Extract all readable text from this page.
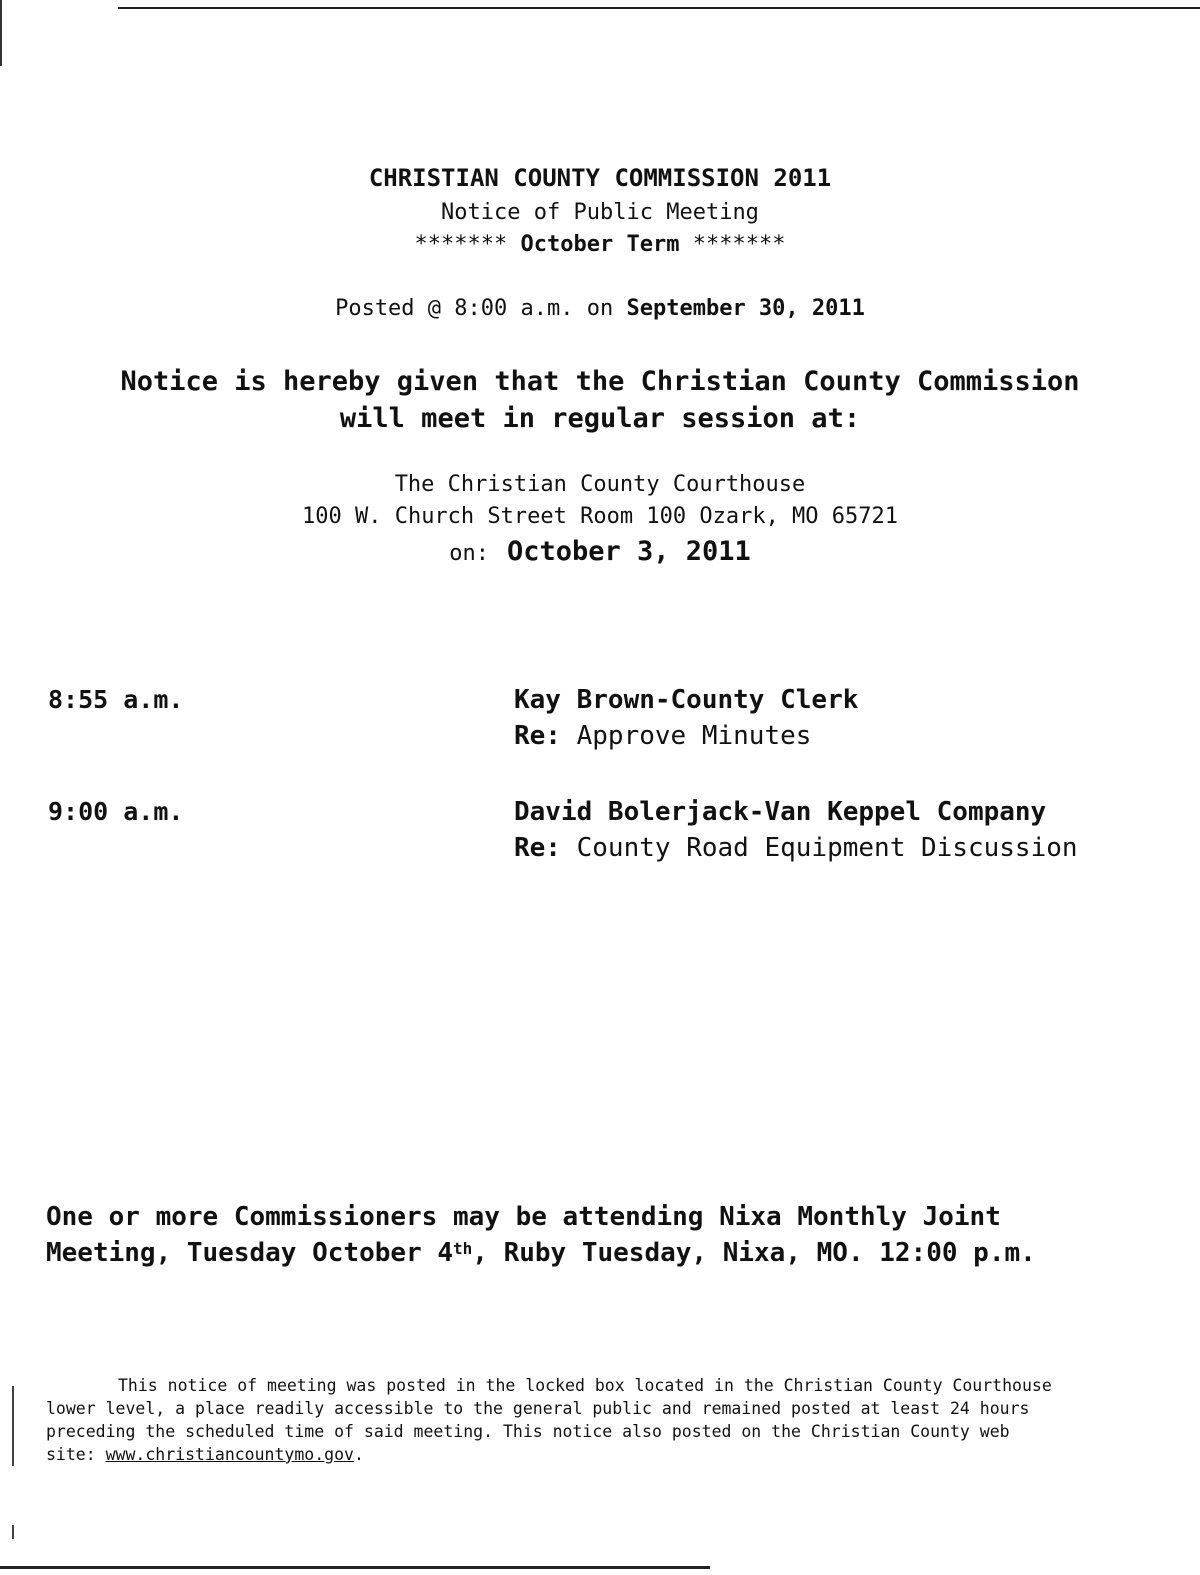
CHRISTIAN COUNTY COMMISSION 2011
Notice of Public Meeting
******* October Term *******
Posted @ 8:00 a.m. on September 30, 2011
Notice is hereby given that the Christian County Commission
will meet in regular session at:
The Christian County Courthouse
100 W. Church Street Room 100 Ozark, MO 65721
on: October 3, 2011
8:55 a.m.	Kay Brown-County Clerk
Re: Approve Minutes
9:00 a.m.	David Bolerjack-Van Keppel Company
Re: County Road Equipment Discussion
One or more Commissioners may be attending Nixa Monthly Joint
Meeting, Tuesday October 4th, Ruby Tuesday, Nixa, MO. 12:00 p.m.
This notice of meeting was posted in the locked box located in the Christian County Courthouse
lower level, a place readily accessible to the general public and remained posted at least 24 hours
preceding the scheduled time of said meeting. This notice also posted on the Christian County web
site: www.christiancountymo.gov.
